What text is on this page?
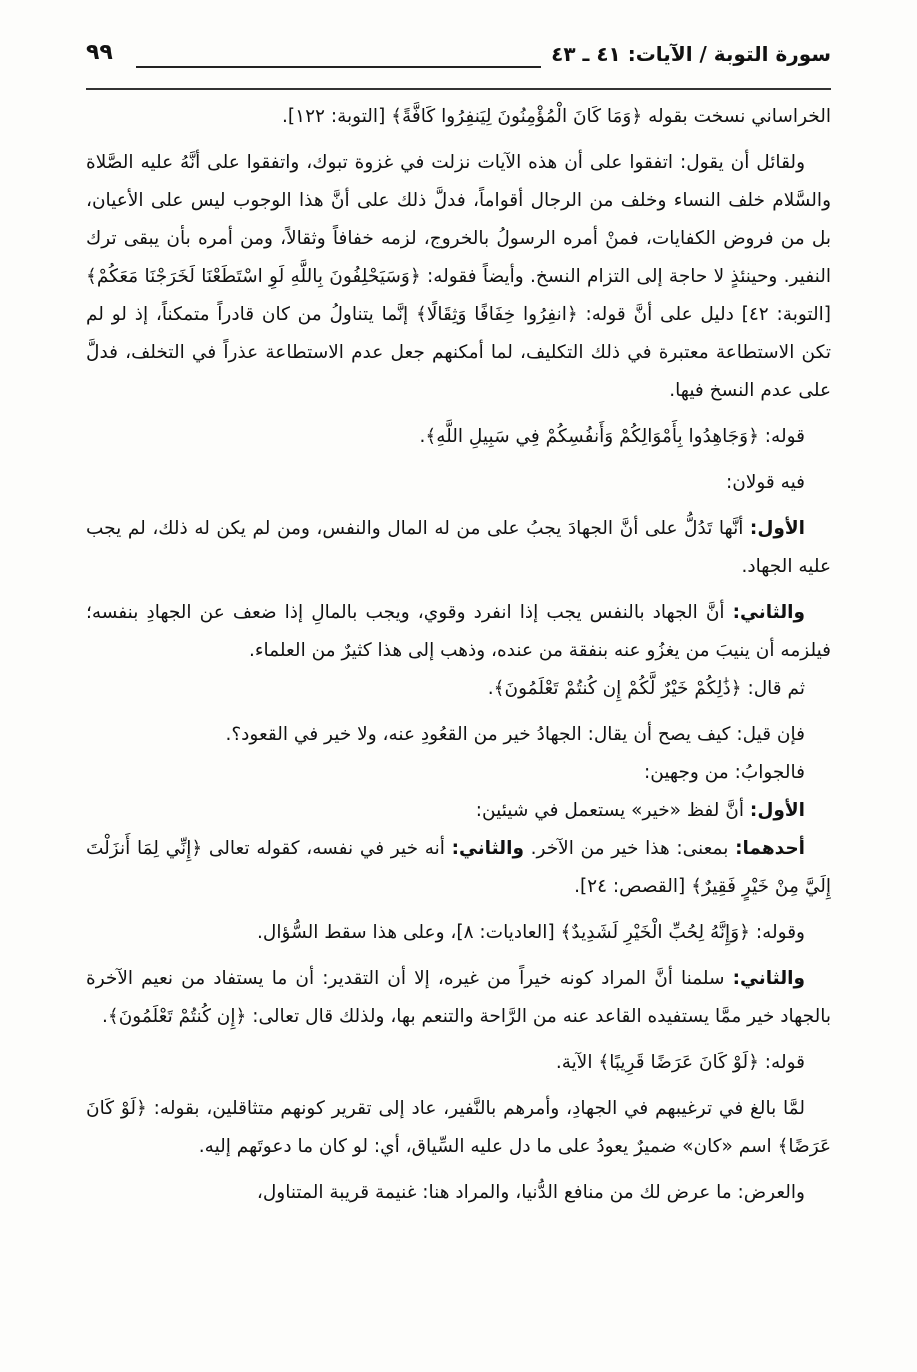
سورة التوبة / الآيات: ٤١ ـ ٤٣
٩٩

الخراساني نسخت بقوله ﴿وَمَا كَانَ الْمُؤْمِنُونَ لِيَنفِرُوا كَافَّةً﴾ [التوبة: ١٢٢].

ولقائل أن يقول: اتفقوا على أن هذه الآيات نزلت في غزوة تبوك، واتفقوا على أنَّهُ عليه الصَّلاة والسَّلام خلف النساء وخلف من الرجال أقواماً، فدلَّ ذلك على أنَّ هذا الوجوب ليس على الأعيان، بل من فروض الكفايات، فمنْ أمره الرسولُ بالخروج، لزمه خفافاً وثقالاً، ومن أمره بأن يبقى ترك النفير. وحينئذٍ لا حاجة إلى التزام النسخ. وأيضاً فقوله: ﴿وَسَيَحْلِفُونَ بِاللَّهِ لَوِ اسْتَطَعْنَا لَخَرَجْنَا مَعَكُمْ﴾ [التوبة: ٤٢] دليل على أنَّ قوله: ﴿انفِرُوا خِفَافًا وَثِقَالًا﴾ إنَّما يتناولُ من كان قادراً متمكناً، إذ لو لم تكن الاستطاعة معتبرة في ذلك التكليف، لما أمكنهم جعل عدم الاستطاعة عذراً في التخلف، فدلَّ على عدم النسخ فيها.

قوله: ﴿وَجَاهِدُوا بِأَمْوَالِكُمْ وَأَنفُسِكُمْ فِي سَبِيلِ اللَّهِ﴾.

فيه قولان:

الأول: أنَّها تَدُلُّ على أنَّ الجهادَ يجبُ على من له المال والنفس، ومن لم يكن له ذلك، لم يجب عليه الجهاد.

والثاني: أنَّ الجهاد بالنفس يجب إذا انفرد وقوي، ويجب بالمالِ إذا ضعف عن الجهادِ بنفسه؛ فيلزمه أن ينيبَ من يغزُو عنه بنفقة من عنده، وذهب إلى هذا كثيرٌ من العلماء.

ثم قال: ﴿ذَٰلِكُمْ خَيْرٌ لَّكُمْ إِن كُنتُمْ تَعْلَمُونَ﴾.

فإن قيل: كيف يصح أن يقال: الجهادُ خير من القعُودِ عنه، ولا خير في القعود؟.

فالجوابُ: من وجهين:

الأول: أنَّ لفظ «خير» يستعمل في شيئين:

أحدهما: بمعنى: هذا خير من الآخر. والثاني: أنه خير في نفسه، كقوله تعالى ﴿إِنِّي لِمَا أَنزَلْتَ إِلَيَّ مِنْ خَيْرٍ فَقِيرٌ﴾ [القصص: ٢٤].

وقوله: ﴿وَإِنَّهُ لِحُبِّ الْخَيْرِ لَشَدِيدٌ﴾ [العاديات: ٨]، وعلى هذا سقط السُّؤال.

والثاني: سلمنا أنَّ المراد كونه خيراً من غيره، إلا أن التقدير: أن ما يستفاد من نعيم الآخرة بالجهاد خير ممَّا يستفيده القاعد عنه من الرَّاحة والتنعم بها، ولذلك قال تعالى: ﴿إِن كُنتُمْ تَعْلَمُونَ﴾.

قوله: ﴿لَوْ كَانَ عَرَضًا قَرِيبًا﴾ الآية.

لمَّا بالغ في ترغيبهم في الجهادِ، وأمرهم بالنَّفير، عاد إلى تقرير كونهم متثاقلين، بقوله: ﴿لَوْ كَانَ عَرَضًا﴾ اسم «كان» ضميرٌ يعودُ على ما دل عليه السِّياق، أي: لو كان ما دعوتَهم إليه.

والعرض: ما عرض لك من منافع الدُّنيا، والمراد هنا: غنيمة قريبة المتناول،
